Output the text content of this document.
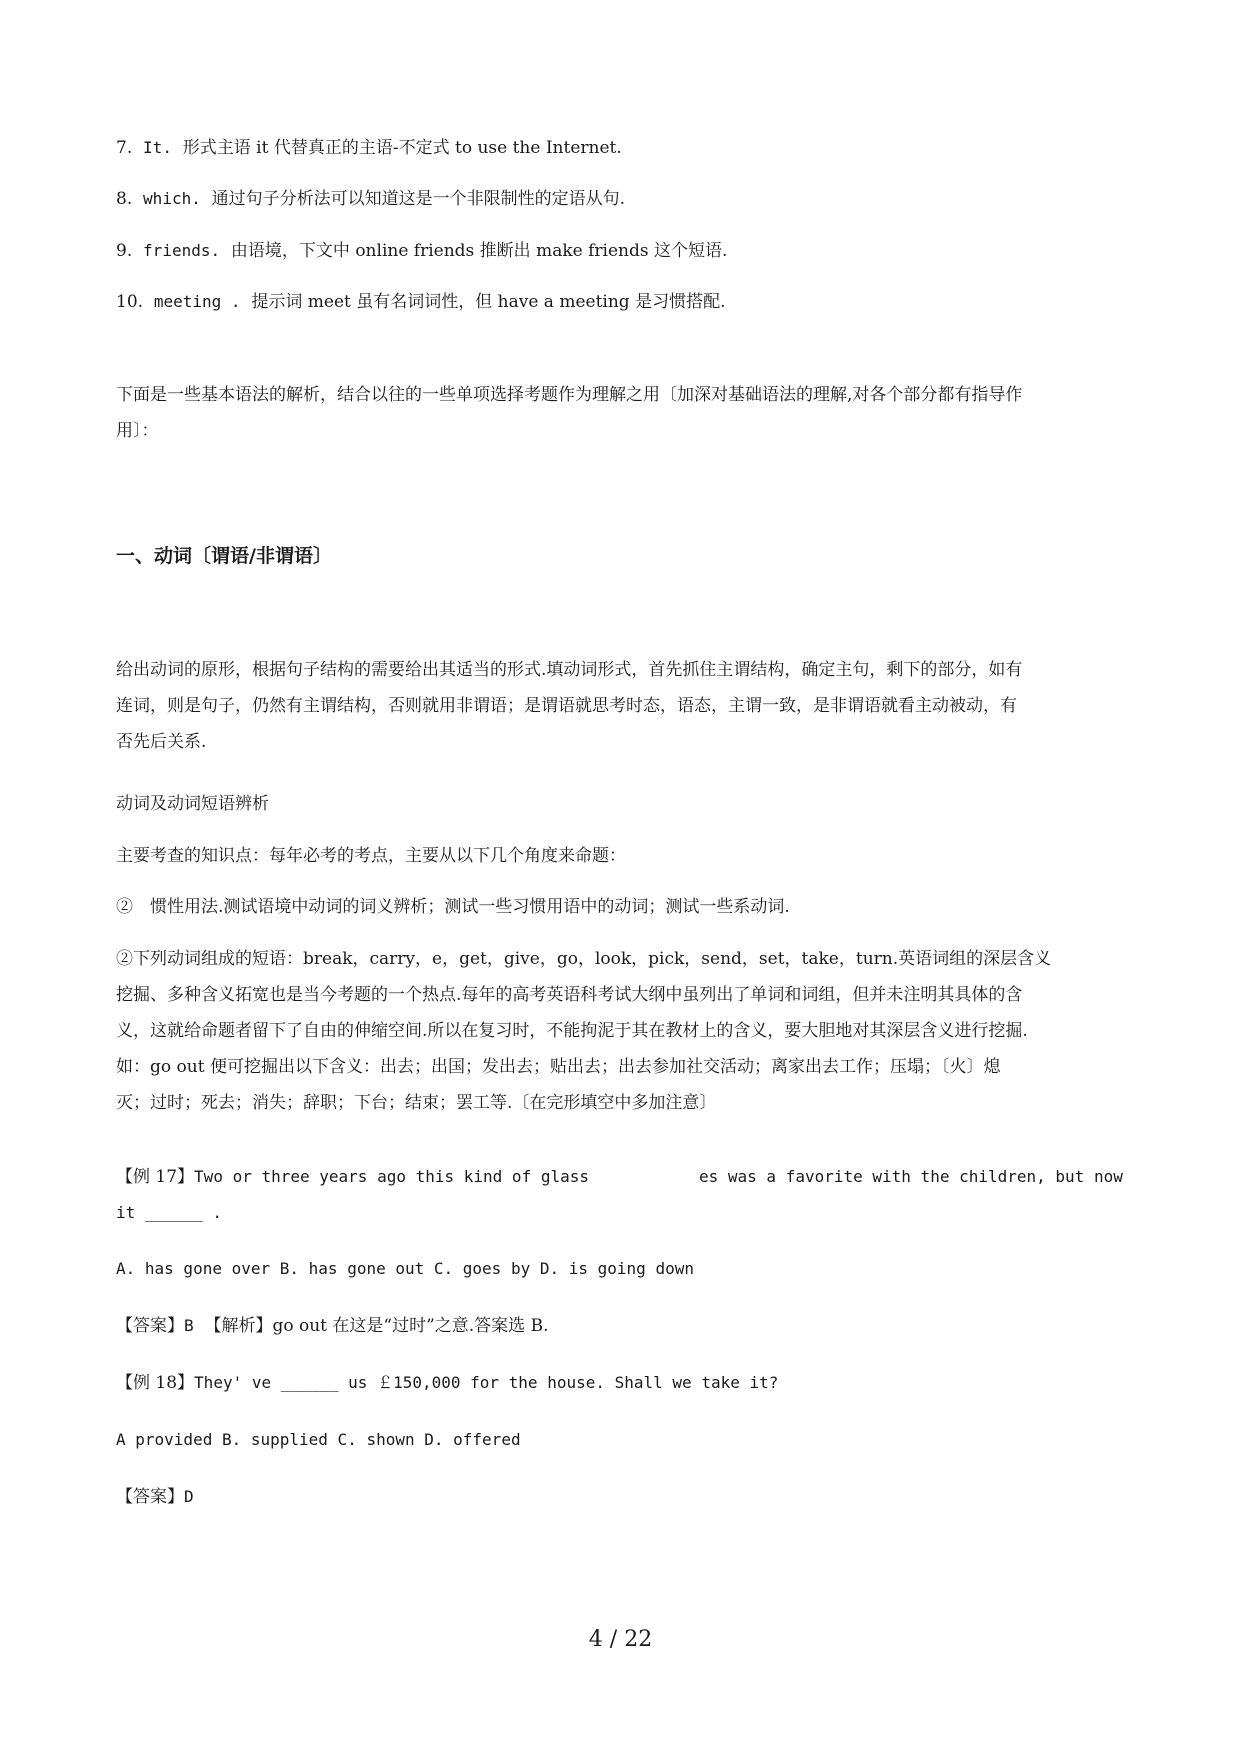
7. It. 形式主语 it 代替真正的主语-不定式 to use the Internet.
8. which. 通过句子分析法可以知道这是一个非限制性的定语从句.
9. friends. 由语境，下文中 online friends 推断出 make friends 这个短语.
10. meeting . 提示词 meet 虽有名词词性，但 have a meeting 是习惯搭配.
下面是一些基本语法的解析，结合以往的一些单项选择考题作为理解之用〔加深对基础语法的理解,对各个部分都有指导作
用〕：
一、动词〔谓语/非谓语〕
给出动词的原形，根据句子结构的需要给出其适当的形式.填动词形式，首先抓住主谓结构，确定主句，剩下的部分，如有
连词，则是句子，仍然有主谓结构，否则就用非谓语；是谓语就思考时态，语态，主谓一致，是非谓语就看主动被动，有
否先后关系.
动词及动词短语辨析
主要考查的知识点：每年必考的考点，主要从以下几个角度来命题：
②　惯性用法.测试语境中动词的词义辨析；测试一些习惯用语中的动词；测试一些系动词.
②下列动词组成的短语：break，carry，e，get，give，go，look，pick，send，set，take，turn.英语词组的深层含义
挖掘、多种含义拓宽也是当今考题的一个热点.每年的高考英语科考试大纲中虽列出了单词和词组，但并未注明其具体的含
义，这就给命题者留下了自由的伸缩空间.所以在复习时，不能拘泥于其在教材上的含义，要大胆地对其深层含义进行挖掘.
如：go out 便可挖掘出以下含义：出去；出国；发出去；贴出去；出去参加社交活动；离家出去工作；压塌；〔火〕熄
灭；过时；死去；消失；辞职；下台；结束；罢工等.〔在完形填空中多加注意〕
【例 17】Two or three years ago this kind of glass	es was a favorite with the children, but now
it ______ .
A. has gone over B. has gone out C. goes by D. is going down
【答案】B 【解析】go out 在这是“过时”之意.答案选 B.
【例 18】They' ve ______ us ￡150,000 for the house. Shall we take it?
A provided B. supplied C. shown D. offered
【答案】D
4 / 22
